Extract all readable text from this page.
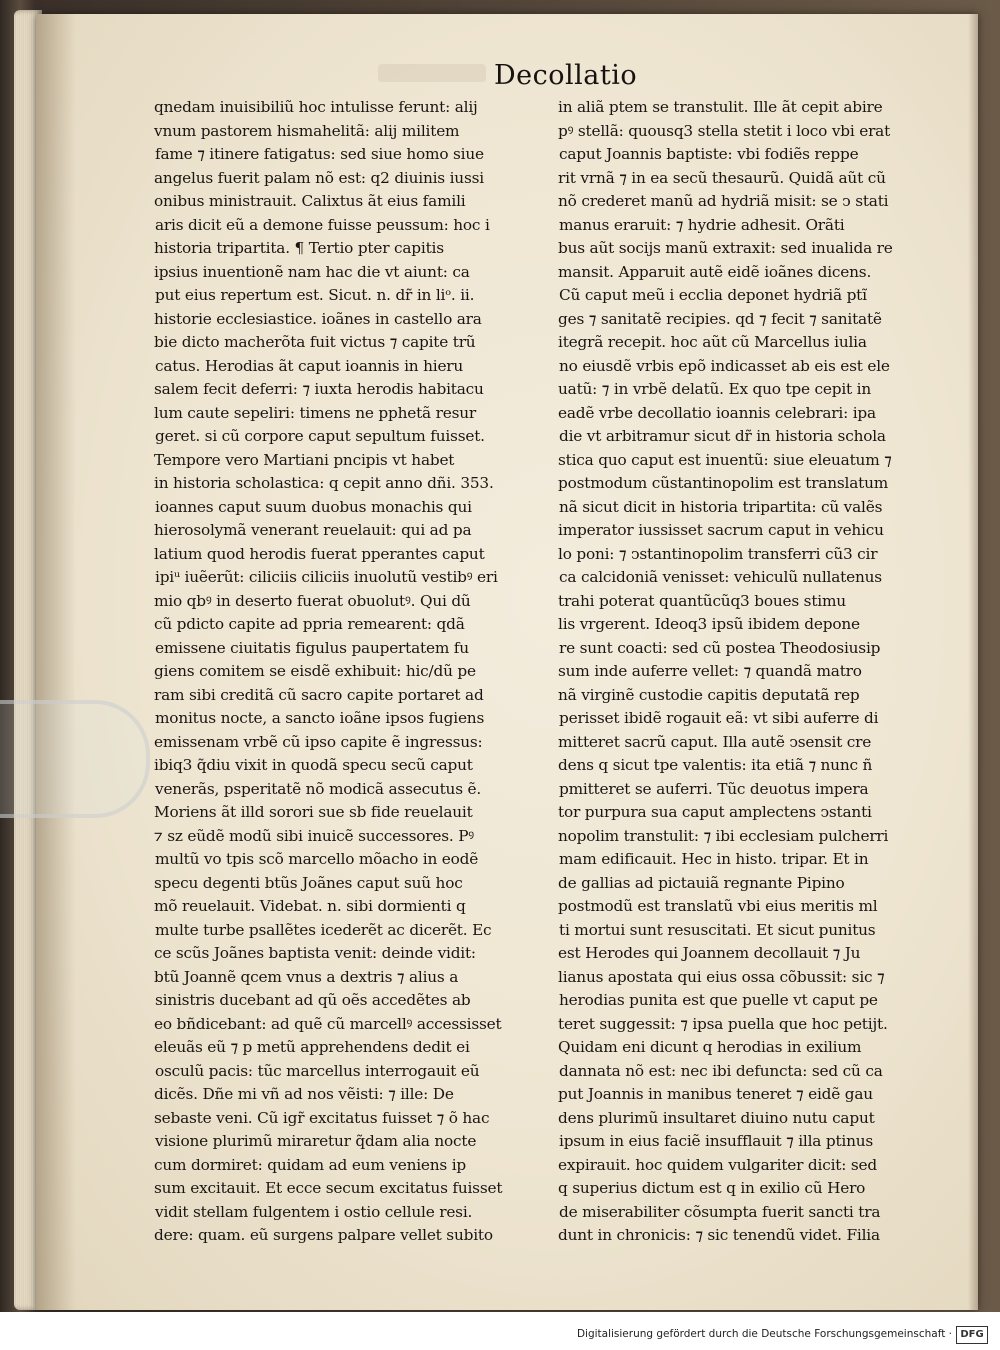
Decollatio
qnedam inuisibiliũ hoc intulisse ferunt: alij
vnum pastorem hismahelitã: alij militem
fame ⁊ itinere fatigatus: sed siue homo siue
angelus fuerit palam nõ est: q2 diuinis iussi
onibus ministrauit. Calixtus ãt eius famili
aris dicit eũ a demone fuisse peussum: hoc i
historia tripartita. ¶ Tertio pter capitis
ipsius inuentionẽ nam hac die vt aiunt: ca
put eius repertum est. Sicut. n. dr̃ in liᵒ. ii.
historie ecclesiastice. ioãnes in castello ara
bie dicto macherõta fuit victus ⁊ capite trũ
catus. Herodias ãt caput ioannis in hieru
salem fecit deferri: ⁊ iuxta herodis habitacu
lum caute sepeliri: timens ne pphetã resur
geret. si cũ corpore caput sepultum fuisset.
Tempore vero Martiani pncipis vt habet
in historia scholastica: q cepit anno dñi. 353.
ioannes caput suum duobus monachis qui
hierosolymã venerant reuelauit: qui ad pa
latium quod herodis fuerat pperantes caput
ipiᵘ iuẽerũt: ciliciis ciliciis inuolutũ vestibꝰ eri
mio qbꝰ in deserto fuerat obuolutꝰ. Qui dũ
cũ pdicto capite ad ppria remearent: qdã
emissene ciuitatis figulus paupertatem fu
giens comitem se eisdẽ exhibuit: hic/dũ pe
ram sibi creditã cũ sacro capite portaret ad
monitus nocte, a sancto ioãne ipsos fugiens
emissenam vrbẽ cũ ipso capite ẽ ingressus:
ibiq3 q̃diu vixit in quodã specu secũ caput
venerãs, psperitatẽ nõ modicã assecutus ẽ.
Moriens ãt illd sorori sue sb fide reuelauit
⁊ sz eũdẽ modũ sibi inuicẽ successores. Pꝰ
multũ vo tpis scõ marcello mõacho in eodẽ
specu degenti btũs Joãnes caput suũ hoc
mõ reuelauit. Videbat. n. sibi dormienti q
multe turbe psallẽtes icederẽt ac dicerẽt. Ec
ce scũs Joãnes baptista venit: deinde vidit:
btũ Joannẽ qcem vnus a dextris ⁊ alius a
sinistris ducebant ad qũ oẽs accedẽtes ab
eo bñdicebant: ad quẽ cũ marcellꝰ accessisset
eleuãs eũ ⁊ p metũ apprehendens dedit ei
osculũ pacis: tũc marcellus interrogauit eũ
dicẽs. Dñe mi vñ ad nos vẽisti: ⁊ ille: De
sebaste veni. Cũ igr̃ excitatus fuisset ⁊ õ hac
visione plurimũ miraretur q̃dam alia nocte
cum dormiret: quidam ad eum veniens ip
sum excitauit. Et ecce secum excitatus fuisset
vidit stellam fulgentem i ostio cellule resi.
dere: quam. eũ surgens palpare vellet subito
in aliã ptem se transtulit. Ille ãt cepit abire
pꝰ stellã: quousq3 stella stetit i loco vbi erat
caput Joannis baptiste: vbi fodiẽs reppe
rit vrnã ⁊ in ea secũ thesaurũ. Quidã aũt cũ
nõ crederet manũ ad hydriã misit: se ↄ stati
manus eraruit: ⁊ hydrie adhesit. Orãti
bus aũt socijs manũ extraxit: sed inualida re
mansit. Apparuit autẽ eidẽ ioãnes dicens.
Cũ caput meũ i ecclia deponet hydriã ptĩ
ges ⁊ sanitatẽ recipies. qd ⁊ fecit ⁊ sanitatẽ
itegrã recepit. hoc aũt cũ Marcellus iulia
no eiusdẽ vrbis epõ indicasset ab eis est ele
uatũ: ⁊ in vrbẽ delatũ. Ex quo tpe cepit in
eadẽ vrbe decollatio ioannis celebrari: ipa
die vt arbitramur sicut dr̃ in historia schola
stica quo caput est inuentũ: siue eleuatum ⁊
postmodum cũstantinopolim est translatum
nã sicut dicit in historia tripartita: cũ valẽs
imperator iussisset sacrum caput in vehicu
lo poni: ⁊ ↄstantinopolim transferri cũ3 cir
ca calcidoniã venisset: vehiculũ nullatenus
trahi poterat quantũcũq3 boues stimu
lis vrgerent. Ideoq3 ipsũ ibidem depone
re sunt coacti: sed cũ postea Theodosiusip
sum inde auferre vellet: ⁊ quandã matro
nã virginẽ custodie capitis deputatã rep
perisset ibidẽ rogauit eã: vt sibi auferre di
mitteret sacrũ caput. Illa autẽ ↄsensit cre
dens q sicut tpe valentis: ita etiã ⁊ nunc ñ
pmitteret se auferri. Tũc deuotus impera
tor purpura sua caput amplectens ↄstanti
nopolim transtulit: ⁊ ibi ecclesiam pulcherri
mam edificauit. Hec in histo. tripar. Et in
de gallias ad pictauiã regnante Pipino
postmodũ est translatũ vbi eius meritis ml
ti mortui sunt resuscitati. Et sicut punitus
est Herodes qui Joannem decollauit ⁊ Ju
lianus apostata qui eius ossa cõbussit: sic ⁊
herodias punita est que puelle vt caput pe
teret suggessit: ⁊ ipsa puella que hoc petijt.
Quidam eni dicunt q herodias in exilium
dannata nõ est: nec ibi defuncta: sed cũ ca
put Joannis in manibus teneret ⁊ eidẽ gau
dens plurimũ insultaret diuino nutu caput
ipsum in eius faciẽ insufflauit ⁊ illa ptinus
expirauit. hoc quidem vulgariter dicit: sed
q superius dictum est q in exilio cũ Hero
de miserabiliter cõsumpta fuerit sancti tra
dunt in chronicis: ⁊ sic tenendũ videt. Filia
Digitalisierung gefördert durch die Deutsche Forschungsgemeinschaft · DFG
